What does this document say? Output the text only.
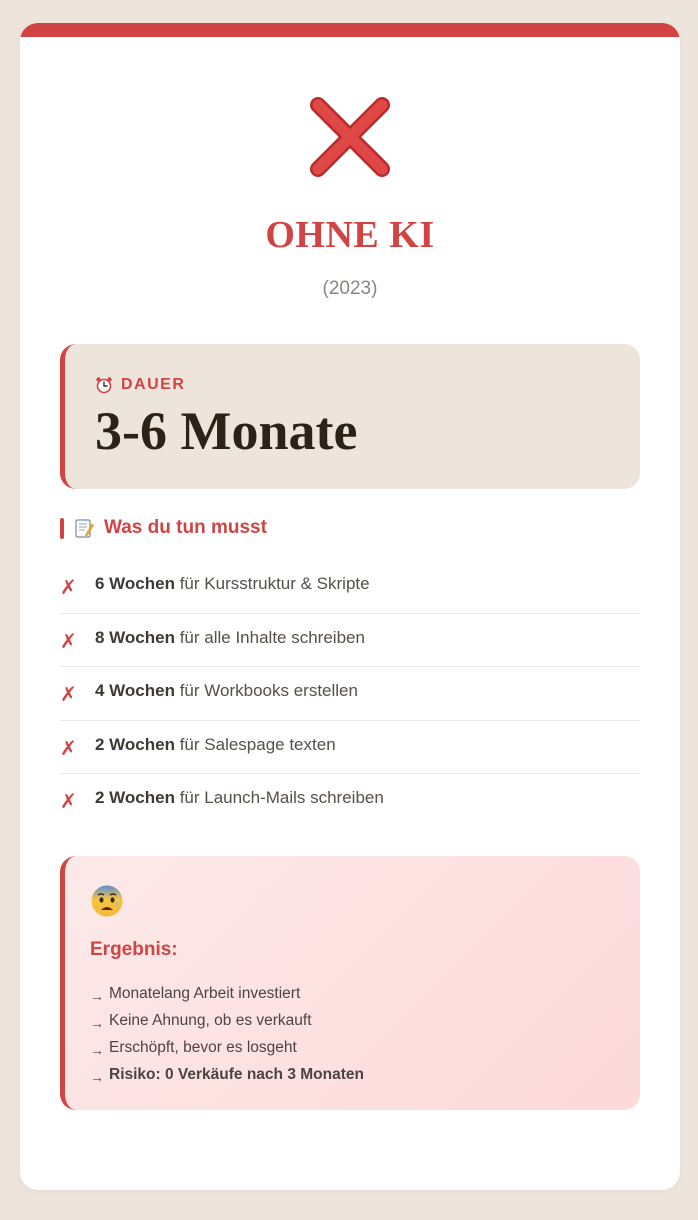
OHNE KI
(2023)
DAUER
3-6 Monate
Was du tun musst
✗ 6 Wochen für Kursstruktur & Skripte
✗ 8 Wochen für alle Inhalte schreiben
✗ 4 Wochen für Workbooks erstellen
✗ 2 Wochen für Salespage texten
✗ 2 Wochen für Launch-Mails schreiben
Ergebnis:
→ Monatelang Arbeit investiert
→ Keine Ahnung, ob es verkauft
→ Erschöpft, bevor es losgeht
→ Risiko: 0 Verkäufe nach 3 Monaten
